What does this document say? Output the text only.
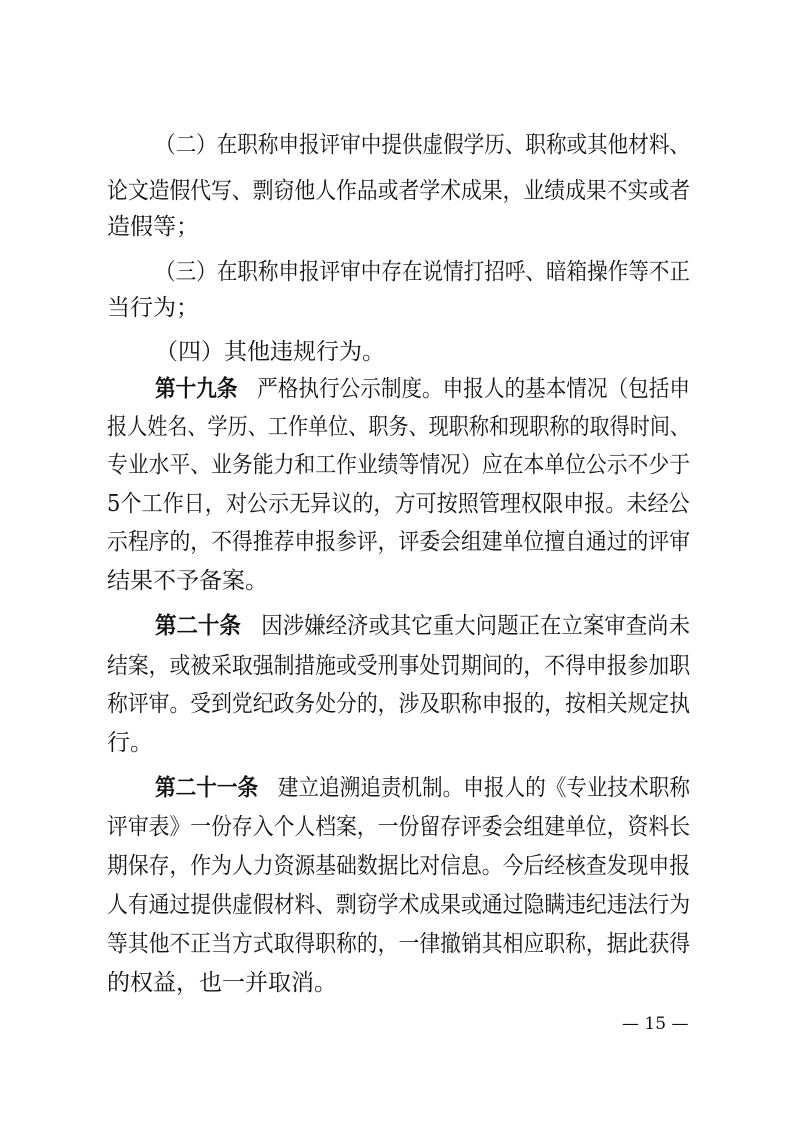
（二）在职称申报评审中提供虚假学历、职称或其他材料、
论文造假代写、剽窃他人作品或者学术成果，业绩成果不实或者
造假等；
（三）在职称申报评审中存在说情打招呼、暗箱操作等不正
当行为；
（四）其他违规行为。
第十九条 严格执行公示制度。申报人的基本情况（包括申
报人姓名、学历、工作单位、职务、现职称和现职称的取得时间、
专业水平、业务能力和工作业绩等情况）应在本单位公示不少于
5个工作日，对公示无异议的，方可按照管理权限申报。未经公
示程序的，不得推荐申报参评，评委会组建单位擅自通过的评审
结果不予备案。
第二十条 因涉嫌经济或其它重大问题正在立案审查尚未
结案，或被采取强制措施或受刑事处罚期间的，不得申报参加职
称评审。受到党纪政务处分的，涉及职称申报的，按相关规定执
行。
第二十一条 建立追溯追责机制。申报人的《专业技术职称
评审表》一份存入个人档案，一份留存评委会组建单位，资料长
期保存，作为人力资源基础数据比对信息。今后经核查发现申报
人有通过提供虚假材料、剽窃学术成果或通过隐瞒违纪违法行为
等其他不正当方式取得职称的，一律撤销其相应职称，据此获得
的权益，也一并取消。
— 15 —
